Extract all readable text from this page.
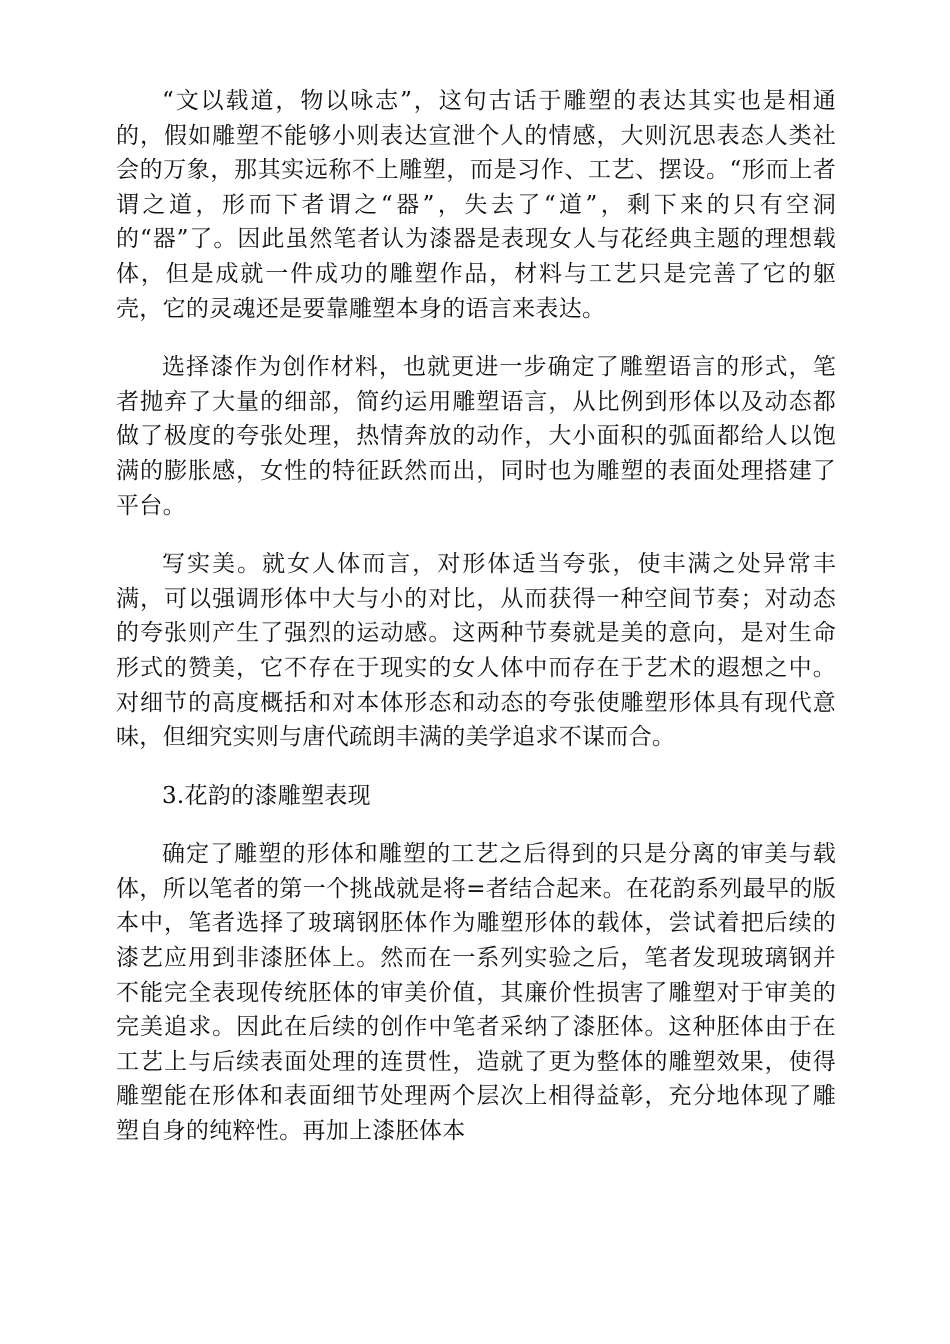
“文以载道，物以咏志”，这句古话于雕塑的表达其实也是相通的，假如雕塑不能够小则表达宣泄个人的情感，大则沉思表态人类社会的万象，那其实远称不上雕塑，而是习作、工艺、摆设。“形而上者谓之道，形而下者谓之“器”，失去了“道”，剩下来的只有空洞的“器”了。因此虽然笔者认为漆器是表现女人与花经典主题的理想载体，但是成就一件成功的雕塑作品，材料与工艺只是完善了它的躯壳，它的灵魂还是要靠雕塑本身的语言来表达。

选择漆作为创作材料，也就更进一步确定了雕塑语言的形式，笔者抛弃了大量的细部，简约运用雕塑语言，从比例到形体以及动态都做了极度的夸张处理，热情奔放的动作，大小面积的弧面都给人以饱满的膨胀感，女性的特征跃然而出，同时也为雕塑的表面处理搭建了平台。

写实美。就女人体而言，对形体适当夸张，使丰满之处异常丰满，可以强调形体中大与小的对比，从而获得一种空间节奏；对动态的夸张则产生了强烈的运动感。这两种节奏就是美的意向，是对生命形式的赞美，它不存在于现实的女人体中而存在于艺术的遐想之中。对细节的高度概括和对本体形态和动态的夸张使雕塑形体具有现代意味，但细究实则与唐代疏朗丰满的美学追求不谋而合。

3.花韵的漆雕塑表现

确定了雕塑的形体和雕塑的工艺之后得到的只是分离的审美与载体，所以笔者的第一个挑战就是将=者结合起来。在花韵系列最早的版本中，笔者选择了玻璃钢胚体作为雕塑形体的载体，尝试着把后续的漆艺应用到非漆胚体上。然而在一系列实验之后，笔者发现玻璃钢并不能完全表现传统胚体的审美价值，其廉价性损害了雕塑对于审美的完美追求。因此在后续的创作中笔者采纳了漆胚体。这种胚体由于在工艺上与后续表面处理的连贯性，造就了更为整体的雕塑效果，使得雕塑能在形体和表面细节处理两个层次上相得益彰，充分地体现了雕塑自身的纯粹性。再加上漆胚体本
